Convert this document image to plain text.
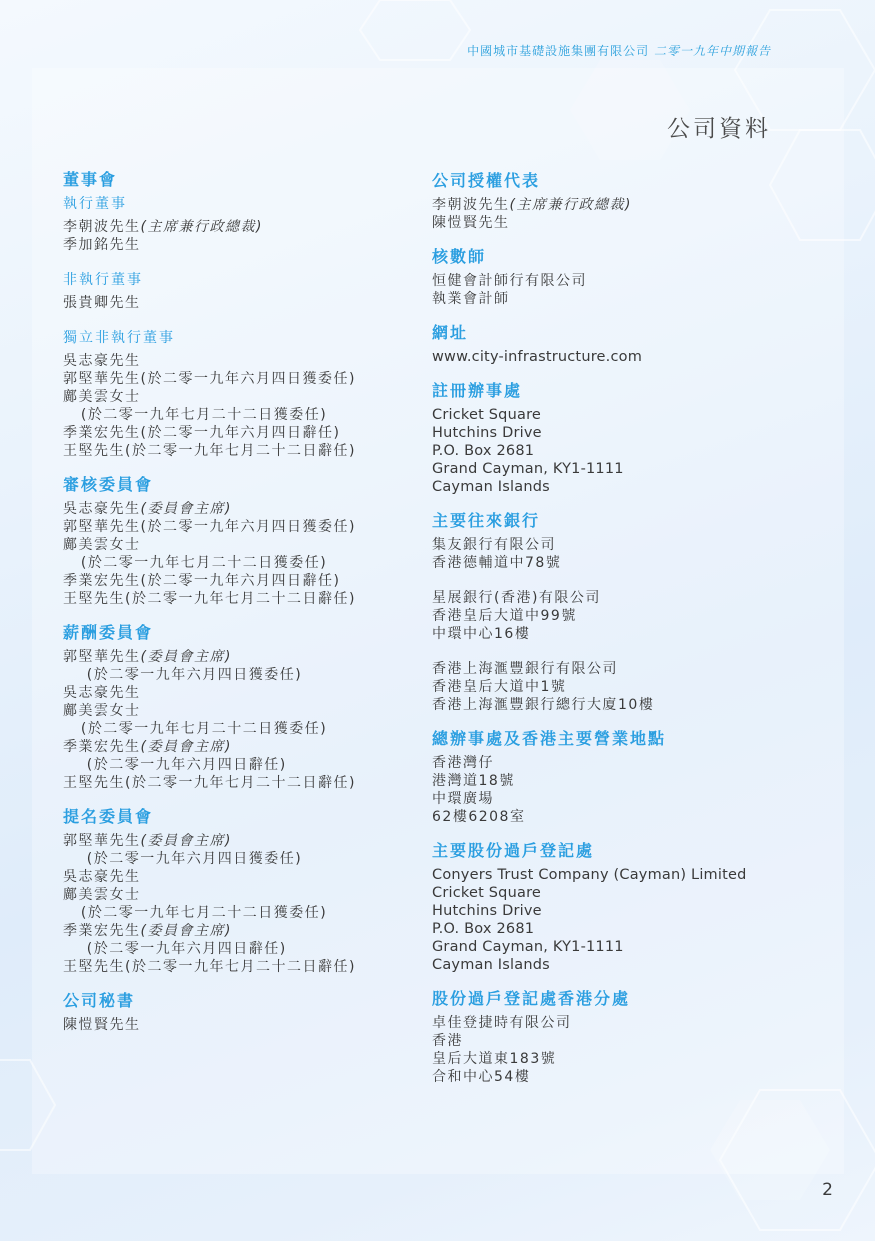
中國城市基礎設施集團有限公司 二零一九年中期報告
公司資料

董事會

執行董事

李朝波先生(主席兼行政總裁)

季加銘先生

非執行董事

張貴卿先生

獨立非執行董事

吳志豪先生

郭堅華先生(於二零一九年六月四日獲委任)

鄺美雲女士

(於二零一九年七月二十二日獲委任)

季業宏先生(於二零一九年六月四日辭任)

王堅先生(於二零一九年七月二十二日辭任)

審核委員會

吳志豪先生(委員會主席)

郭堅華先生(於二零一九年六月四日獲委任)

鄺美雲女士

(於二零一九年七月二十二日獲委任)

季業宏先生(於二零一九年六月四日辭任)

王堅先生(於二零一九年七月二十二日辭任)

薪酬委員會

郭堅華先生(委員會主席)

(於二零一九年六月四日獲委任)

吳志豪先生

鄺美雲女士

(於二零一九年七月二十二日獲委任)

季業宏先生(委員會主席)

(於二零一九年六月四日辭任)

王堅先生(於二零一九年七月二十二日辭任)

提名委員會

郭堅華先生(委員會主席)

(於二零一九年六月四日獲委任)

吳志豪先生

鄺美雲女士

(於二零一九年七月二十二日獲委任)

季業宏先生(委員會主席)

(於二零一九年六月四日辭任)

王堅先生(於二零一九年七月二十二日辭任)

公司秘書

陳愷賢先生

公司授權代表

李朝波先生(主席兼行政總裁)

陳愷賢先生

核數師

恒健會計師行有限公司

執業會計師

網址

www.city-infrastructure.com

註冊辦事處

Cricket Square

Hutchins Drive

P.O. Box 2681

Grand Cayman, KY1-1111

Cayman Islands

主要往來銀行

集友銀行有限公司

香港德輔道中78號

星展銀行(香港)有限公司

香港皇后大道中99號

中環中心16樓

香港上海滙豐銀行有限公司

香港皇后大道中1號

香港上海滙豐銀行總行大廈10樓

總辦事處及香港主要營業地點

香港灣仔

港灣道18號

中環廣場

62樓6208室

主要股份過戶登記處

Conyers Trust Company (Cayman) Limited

Cricket Square

Hutchins Drive

P.O. Box 2681

Grand Cayman, KY1-1111

Cayman Islands

股份過戶登記處香港分處

卓佳登捷時有限公司

香港

皇后大道東183號

合和中心54樓

2
